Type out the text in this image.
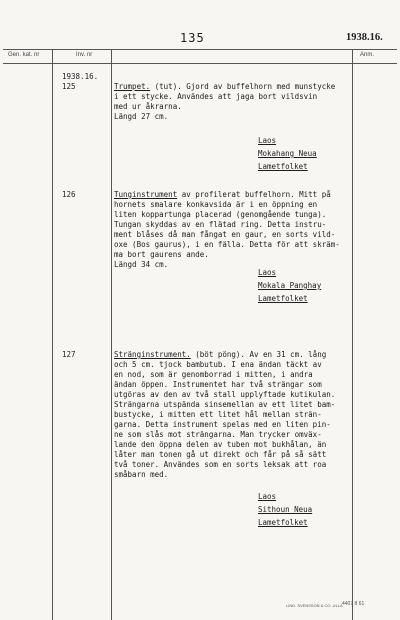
135	1938.16.
Gen. kat. nr	Inv. nr	Anm.
1938.16.
125	Trumpet. (tut). Gjord av buffelhorn med munstycke
i ett stycke. Användes att jaga bort vildsvin
med ur åkrarna.
Längd 27 cm.
Laos
Mokahang Neua
Lametfolket
126	Tunginstrument av profilerat buffelhorn. Mitt på
hornets smalare konkavsida är i en öppning en
liten koppartunga placerad (genomgående tunga).
Tungan skyddas av en flätad ring. Detta instru-
ment blåses då man fångat en gaur, en sorts vild-
oxe (Bos gaurus), i en fälla. Detta för att skräm-
ma bort gaurens ande.
Längd 34 cm.
Laos
Mokala Panghay
Lametfolket
127	Stränginstrument. (böt pöng). Av en 31 cm. lång
och 5 cm. tjock bambutub. I ena ändan täckt av
en nod, som är genomborrad i mitten, i andra
ändan öppen. Instrumentet har två strängar som
utgöras av den av två stall upplyftade kutikulan.
Strängarna utspända sinsemellan av ett litet bam-
bustycke, i mitten ett litet hål mellan strän-
garna. Detta instrument spelas med en liten pin-
ne som slås mot strängarna. Man trycker omväx-
lande den öppna delen av tuben mot bukhålan, än
låter man tonen gå ut direkt och får på så sätt
två toner. Användes som en sorts leksak att roa
småbarn med.
Laos
Sithoun Neua
Lametfolket
LIND. SVENSSON & CO. ULLA 4407 8 61
